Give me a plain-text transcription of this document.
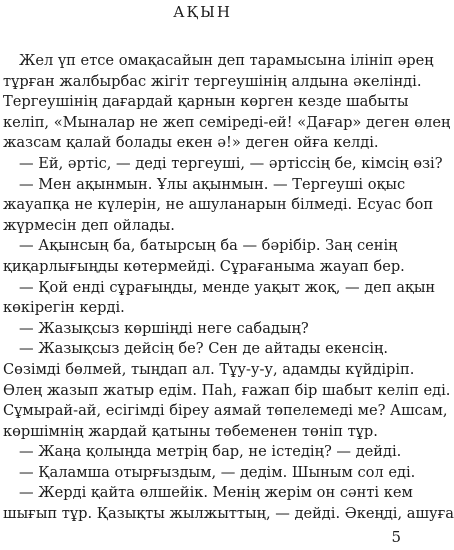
АҚЫН
Жел үп етсе омақасайын деп тарамысына ілініп әрең
тұрған жалбырбас жігіт тергеушінің алдына әкелінді.
Тергеушінің дағардай қарнын көрген кезде шабыты
келіп, «Мыналар не жеп семіреді-ей! «Дағар» деген өлең
жазсам қалай болады екен ә!» деген ойға келді.
— Ей, әртіс, — деді тергеуші, — әртіссің бе, кімсің өзі?
— Мен ақынмын. Ұлы ақынмын. — Тергеуші оқыс
жауапқа не күлерін, не ашуланарын білмеді. Есуас боп
жүрмесін деп ойлады.
— Ақынсың ба, батырсың ба — бәрібір. Заң сенің
қиқарлығыңды көтермейді. Сұрағанымa жауап бер.
— Қой енді сұрағыңды, менде уақыт жоқ, — деп ақын
көкірегін керді.
— Жазықсыз көршіңді неге сабадың?
— Жазықсыз дейсің бе? Сен де айтады екенсің.
Сөзімді бөлмей, тыңдап ал. Тұу-у-у, адамды күйдіріп.
Өлең жазып жатыр едім. Паһ, ғажап бір шабыт келіп еді.
Сұмырай-ай, есігімді біреу аямай төпелемеді ме? Ашсам,
көршімнің жардай қатыны төбеменен төніп тұр.
— Жаңа қолыңда метрің бар, не істедің? — дейді.
— Қаламша отырғыздым, — дедім. Шыным сол еді.
— Жерді қайта өлшейік. Менің жерім он сәнті кем
шығып тұр. Қазықты жылжыттың, — дейді. Әкеңді, ашуға
5
